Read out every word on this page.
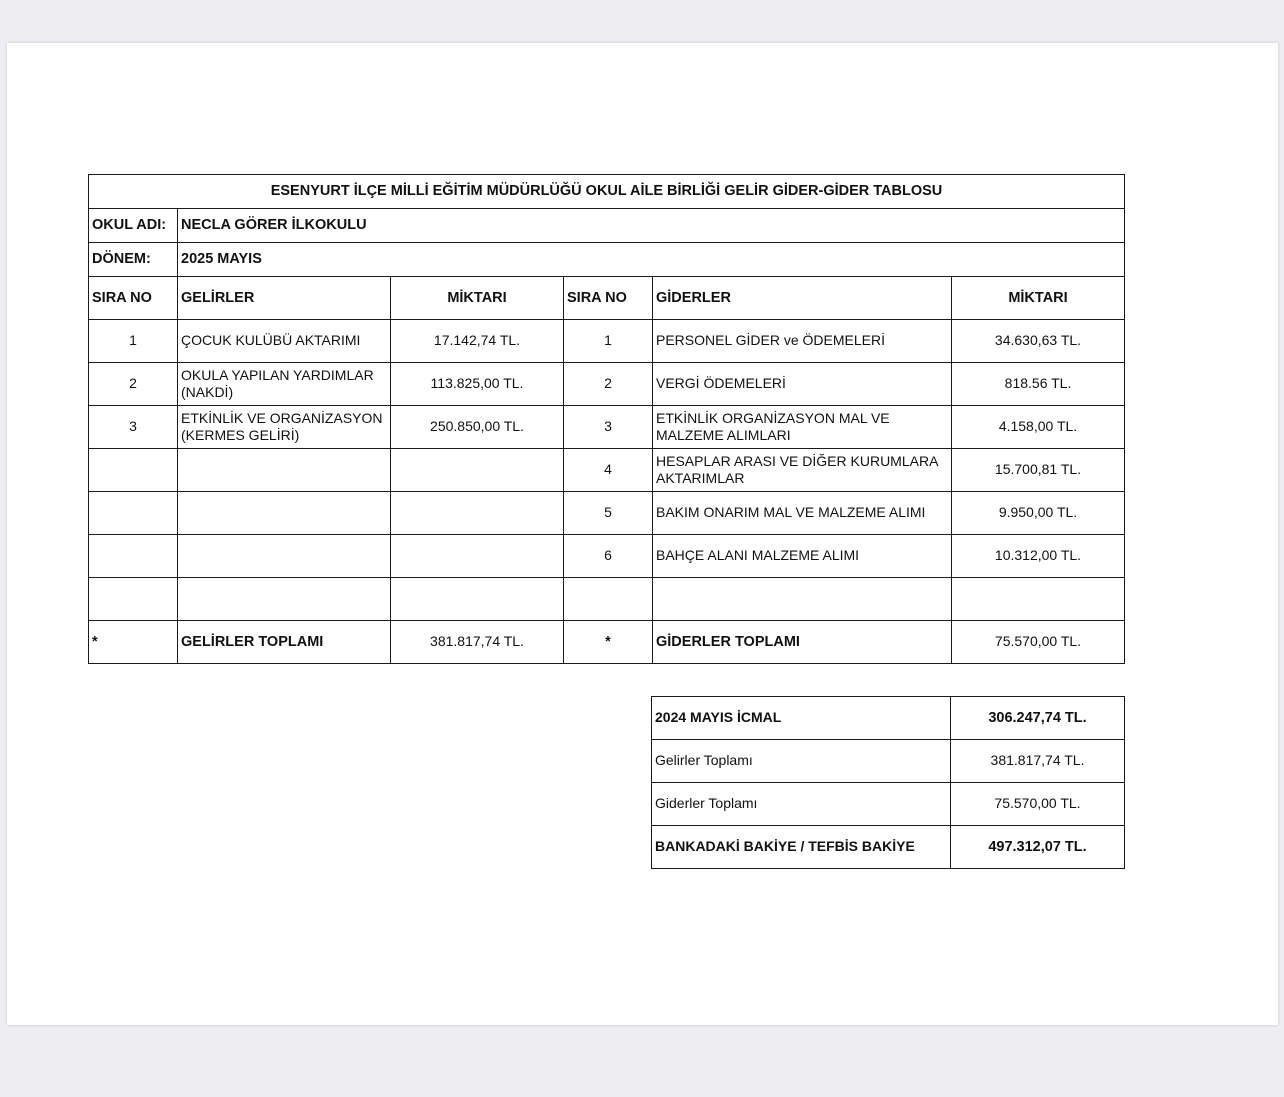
ESENYURT İLÇE MİLLİ EĞİTİM MÜDÜRLÜĞÜ OKUL AİLE BİRLİĞİ GELİR GİDER-GİDER TABLOSU					
OKUL ADI:	NECLA GÖRER İLKOKULU				
DÖNEM:	2025 MAYIS				
SIRA NO	GELİRLER	MİKTARI	SIRA NO	GİDERLER	MİKTARI
1	ÇOCUK KULÜBÜ AKTARIMI	17.142,74 TL.	1	PERSONEL GİDER ve ÖDEMELERİ	34.630,63 TL.
2	OKULA YAPILAN YARDIMLAR (NAKDİ)	113.825,00 TL.	2	VERGİ ÖDEMELERİ	818.56 TL.
3	ETKİNLİK VE ORGANİZASYON (KERMES GELİRİ)	250.850,00 TL.	3	ETKİNLİK ORGANİZASYON MAL VE MALZEME ALIMLARI	4.158,00 TL.
			4	HESAPLAR ARASI VE DİĞER KURUMLARA AKTARIMLAR	15.700,81 TL.
			5	BAKIM ONARIM MAL VE MALZEME ALIMI	9.950,00 TL.
			6	BAHÇE ALANI MALZEME ALIMI	10.312,00 TL.

*	GELİRLER TOPLAMI	381.817,74 TL.	*	GİDERLER TOPLAMI	75.570,00 TL.
2024 MAYIS İCMAL	306.247,74 TL.
Gelirler Toplamı	381.817,74 TL.
Giderler Toplamı	75.570,00 TL.
BANKADAKİ BAKİYE / TEFBİS BAKİYE	497.312,07 TL.
